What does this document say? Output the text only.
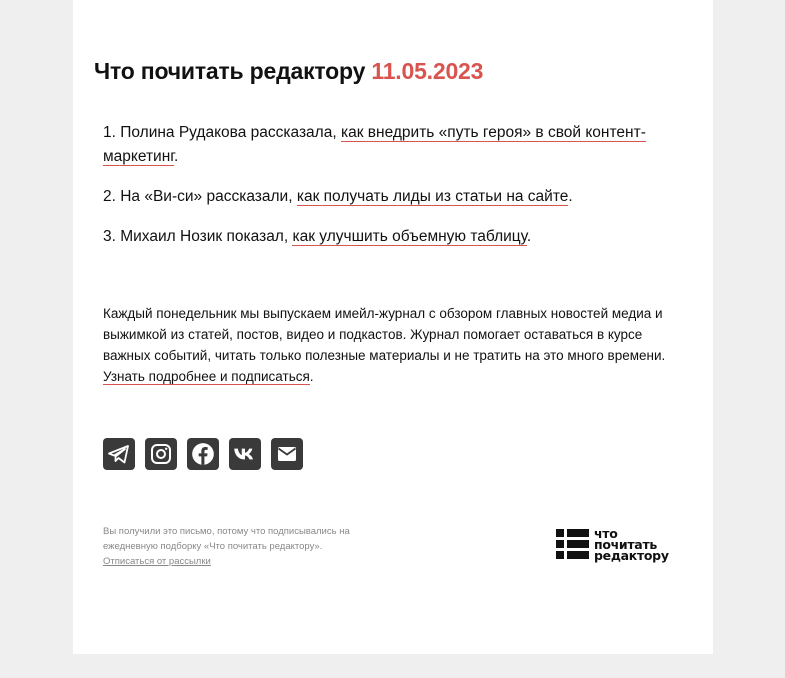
Что почитать редактору 11.05.2023
1. Полина Рудакова рассказала, как внедрить «путь героя» в свой контент-маркетинг.
2. На «Ви-си» рассказали, как получать лиды из статьи на сайте.
3. Михаил Нозик показал, как улучшить объемную таблицу.

Каждый понедельник мы выпускаем имейл-журнал с обзором главных новостей медиа и выжимкой из статей, постов, видео и подкастов. Журнал помогает оставаться в курсе важных событий, читать только полезные материалы и не тратить на это много времени. Узнать подробнее и подписаться.

Вы получили это письмо, потому что подписывались на ежедневную подборку «Что почитать редактору».
Отписаться от рассылки

что
почитать
редактору
